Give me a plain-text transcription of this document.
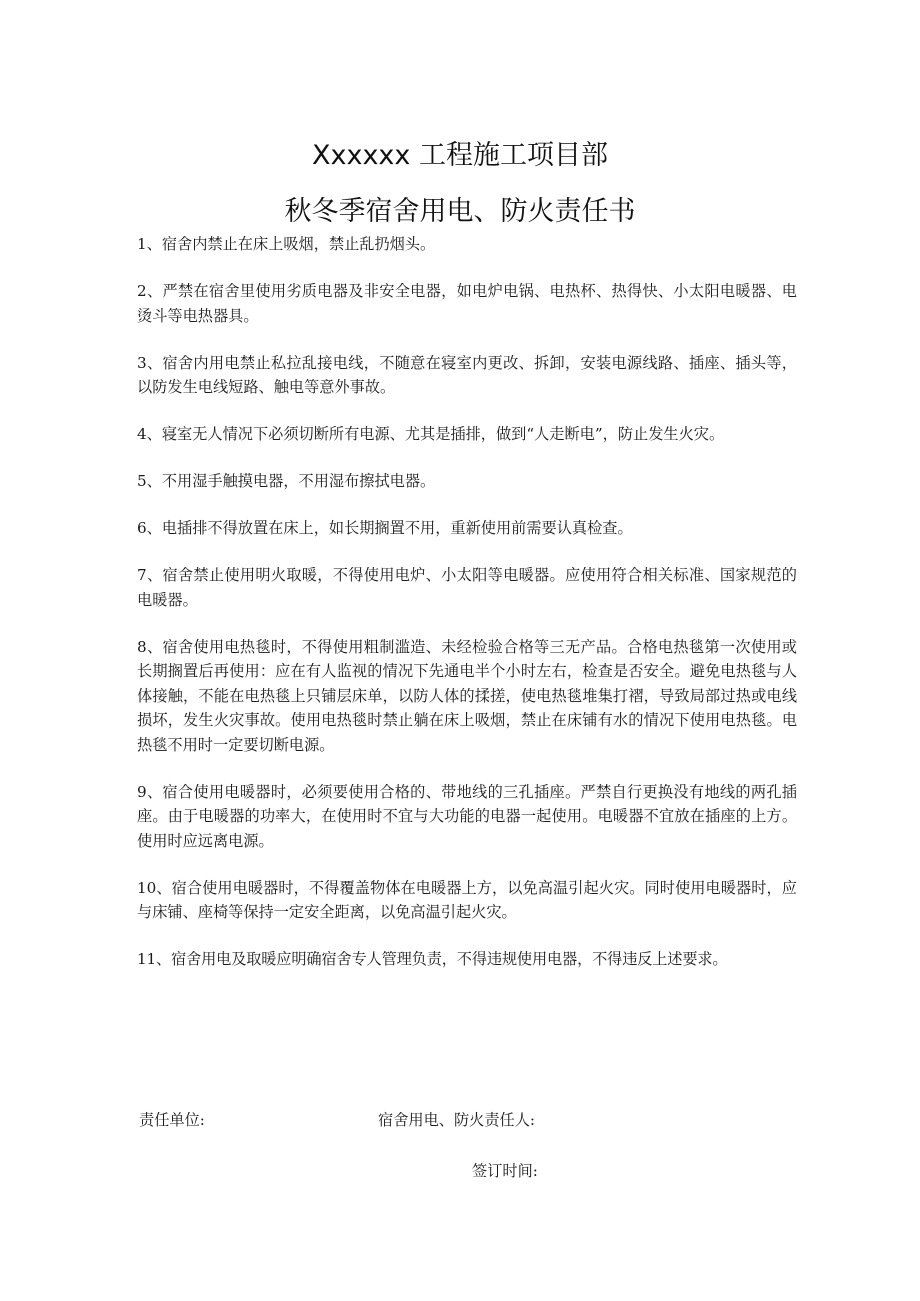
Xxxxxx 工程施工项目部
秋冬季宿舍用电、防火责任书

1、宿舍内禁止在床上吸烟，禁止乱扔烟头。

2、严禁在宿舍里使用劣质电器及非安全电器，如电炉电锅、电热杯、热得快、小太阳电暖器、电烫斗等电热器具。

3、宿舍内用电禁止私拉乱接电线，不随意在寝室内更改、拆卸，安装电源线路、插座、插头等，以防发生电线短路、触电等意外事故。

4、寝室无人情况下必须切断所有电源、尤其是插排，做到“人走断电”，防止发生火灾。

5、不用湿手触摸电器，不用湿布擦拭电器。

6、电插排不得放置在床上，如长期搁置不用，重新使用前需要认真检查。

7、宿舍禁止使用明火取暖，不得使用电炉、小太阳等电暖器。应使用符合相关标准、国家规范的电暖器。

8、宿舍使用电热毯时，不得使用粗制滥造、未经检验合格等三无产品。合格电热毯第一次使用或长期搁置后再使用：应在有人监视的情况下先通电半个小时左右，检查是否安全。避免电热毯与人体接触，不能在电热毯上只铺层床单，以防人体的揉搓，使电热毯堆集打褶，导致局部过热或电线损坏，发生火灾事故。使用电热毯时禁止躺在床上吸烟，禁止在床铺有水的情况下使用电热毯。电热毯不用时一定要切断电源。

9、宿合使用电暖器时，必须要使用合格的、带地线的三孔插座。严禁自行更换没有地线的两孔插座。由于电暖器的功率大，在使用时不宜与大功能的电器一起使用。电暖器不宜放在插座的上方。使用时应远离电源。

10、宿合使用电暖器时，不得覆盖物体在电暖器上方，以免高温引起火灾。同时使用电暖器时，应与床铺、座椅等保持一定安全距离，以免高温引起火灾。

11、宿舍用电及取暖应明确宿舍专人管理负责，不得违规使用电器，不得违反上述要求。

责任单位:	宿舍用电、防火责任人:
签订时间:
